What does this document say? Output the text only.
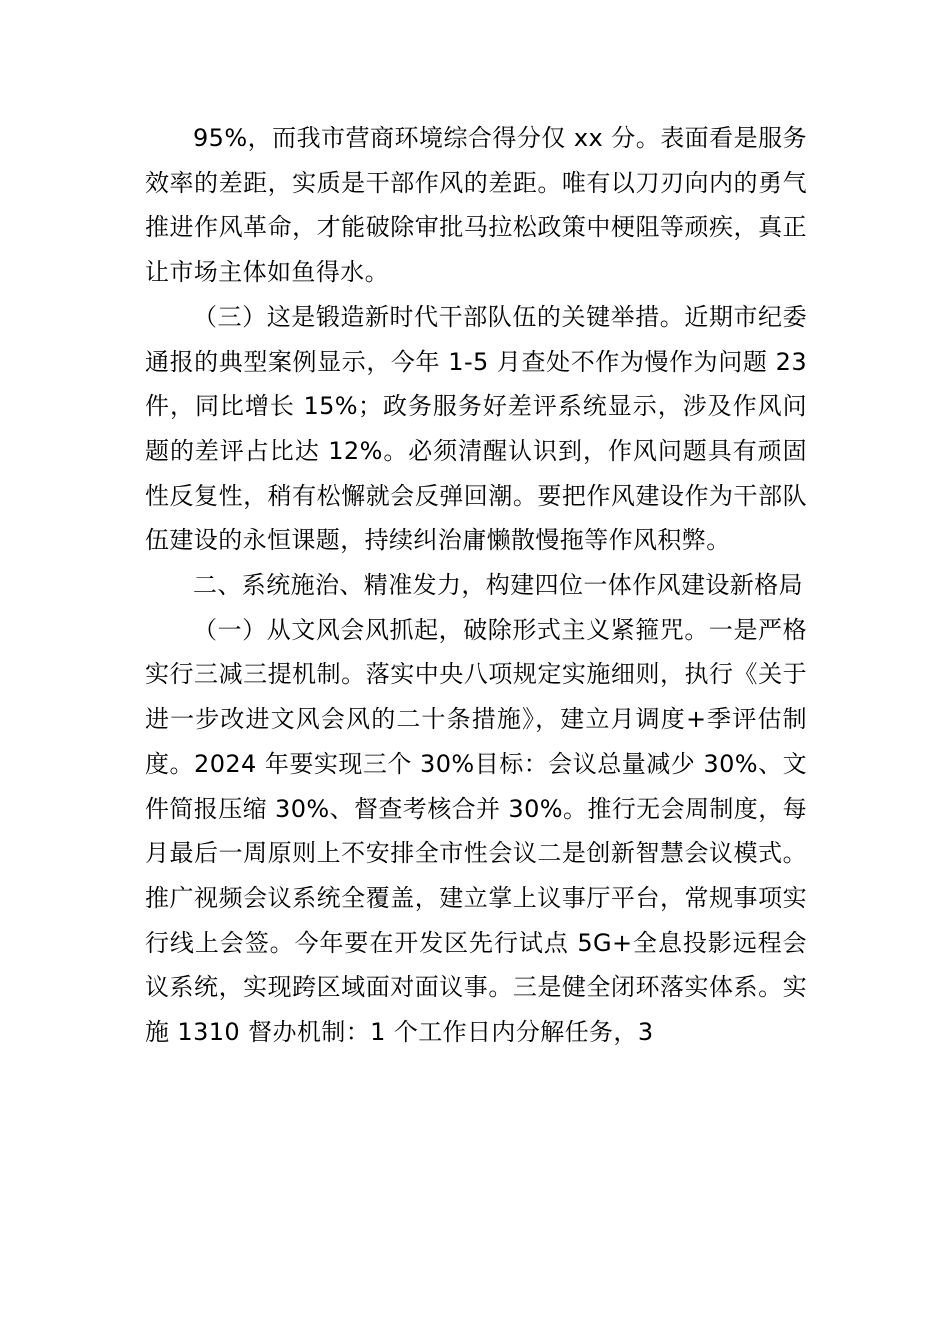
95%，而我市营商环境综合得分仅 xx 分。表面看是服务效率的差距，实质是干部作风的差距。唯有以刀刃向内的勇气推进作风革命，才能破除审批马拉松政策中梗阻等顽疾，真正让市场主体如鱼得水。

（三）这是锻造新时代干部队伍的关键举措。近期市纪委通报的典型案例显示，今年 1-5 月查处不作为慢作为问题 23 件，同比增长 15%；政务服务好差评系统显示，涉及作风问题的差评占比达 12%。必须清醒认识到，作风问题具有顽固性反复性，稍有松懈就会反弹回潮。要把作风建设作为干部队伍建设的永恒课题，持续纠治庸懒散慢拖等作风积弊。

二、系统施治、精准发力，构建四位一体作风建设新格局

（一）从文风会风抓起，破除形式主义紧箍咒。一是严格实行三减三提机制。落实中央八项规定实施细则，执行《关于进一步改进文风会风的二十条措施》，建立月调度+季评估制度。2024 年要实现三个 30%目标：会议总量减少 30%、文件简报压缩 30%、督查考核合并 30%。推行无会周制度，每月最后一周原则上不安排全市性会议二是创新智慧会议模式。推广视频会议系统全覆盖，建立掌上议事厅平台，常规事项实行线上会签。今年要在开发区先行试点 5G+全息投影远程会议系统，实现跨区域面对面议事。三是健全闭环落实体系。实施 1310 督办机制：1 个工作日内分解任务，3
